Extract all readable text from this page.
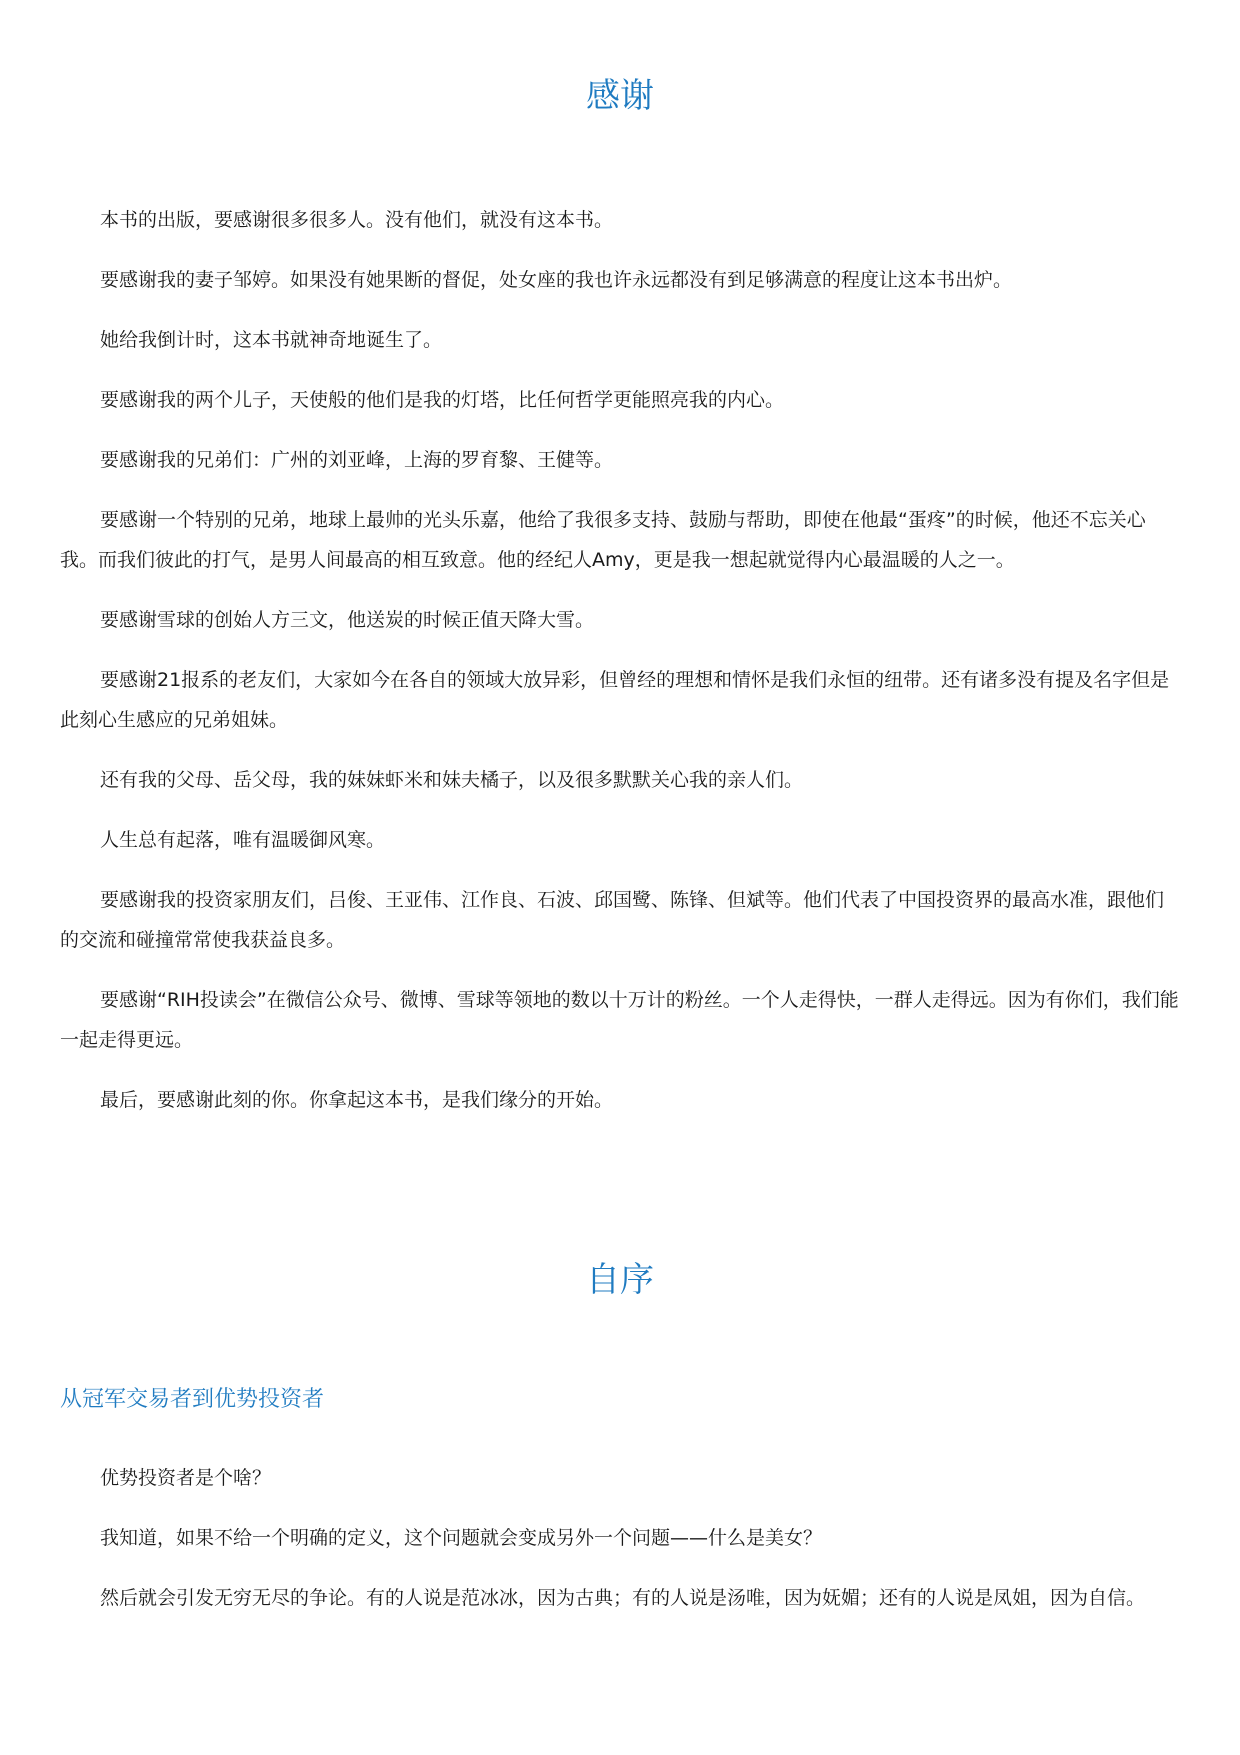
感谢

本书的出版，要感谢很多很多人。没有他们，就没有这本书。

要感谢我的妻子邹婷。如果没有她果断的督促，处女座的我也许永远都没有到足够满意的程度让这本书出炉。

她给我倒计时，这本书就神奇地诞生了。

要感谢我的两个儿子，天使般的他们是我的灯塔，比任何哲学更能照亮我的内心。

要感谢我的兄弟们：广州的刘亚峰，上海的罗育黎、王健等。

要感谢一个特别的兄弟，地球上最帅的光头乐嘉，他给了我很多支持、鼓励与帮助，即使在他最“蛋疼”的时候，他还不忘关心我。而我们彼此的打气，是男人间最高的相互致意。他的经纪人Amy，更是我一想起就觉得内心最温暖的人之一。

要感谢雪球的创始人方三文，他送炭的时候正值天降大雪。

要感谢21报系的老友们，大家如今在各自的领域大放异彩，但曾经的理想和情怀是我们永恒的纽带。还有诸多没有提及名字但是此刻心生感应的兄弟姐妹。

还有我的父母、岳父母，我的妹妹虾米和妹夫橘子，以及很多默默关心我的亲人们。

人生总有起落，唯有温暖御风寒。

要感谢我的投资家朋友们，吕俊、王亚伟、江作良、石波、邱国鹭、陈锋、但斌等。他们代表了中国投资界的最高水准，跟他们的交流和碰撞常常使我获益良多。

要感谢“RIH投读会”在微信公众号、微博、雪球等领地的数以十万计的粉丝。一个人走得快，一群人走得远。因为有你们，我们能一起走得更远。

最后，要感谢此刻的你。你拿起这本书，是我们缘分的开始。

自序
从冠军交易者到优势投资者

优势投资者是个啥？

我知道，如果不给一个明确的定义，这个问题就会变成另外一个问题——什么是美女？

然后就会引发无穷无尽的争论。有的人说是范冰冰，因为古典；有的人说是汤唯，因为妩媚；还有的人说是凤姐，因为自信。
